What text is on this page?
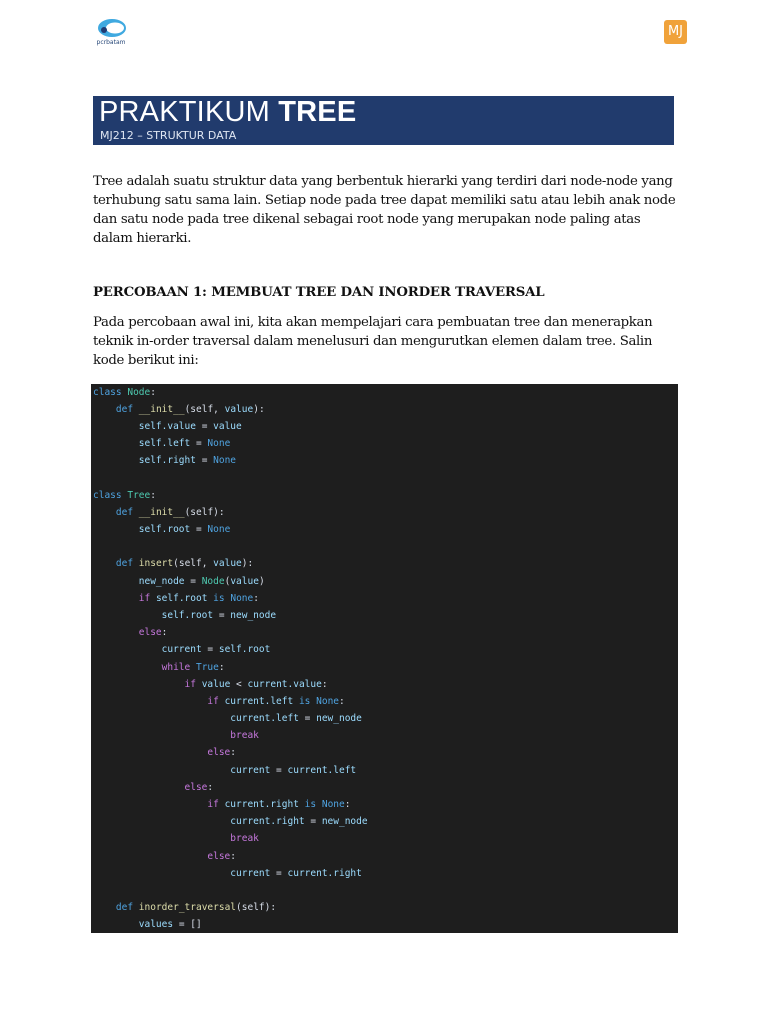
pcrbatam
MJ
PRAKTIKUM TREE
MJ212 – STRUKTUR DATA

Tree adalah suatu struktur data yang berbentuk hierarki yang terdiri dari node-node yang terhubung satu sama lain. Setiap node pada tree dapat memiliki satu atau lebih anak node dan satu node pada tree dikenal sebagai root node yang merupakan node paling atas dalam hierarki.

PERCOBAAN 1: MEMBUAT TREE DAN INORDER TRAVERSAL

Pada percobaan awal ini, kita akan mempelajari cara pembuatan tree dan menerapkan teknik in-order traversal dalam menelusuri dan mengurutkan elemen dalam tree. Salin kode berikut ini:

class Node:
def __init__(self, value):
self.value = value
self.left = None
self.right = None
class Tree:
def __init__(self):
self.root = None
def insert(self, value):
new_node = Node(value)
if self.root is None:
self.root = new_node
else:
current = self.root
while True:
if value < current.value:
if current.left is None:
current.left = new_node
break
else:
current = current.left
else:
if current.right is None:
current.right = new_node
break
else:
current = current.right
def inorder_traversal(self):
values = []
